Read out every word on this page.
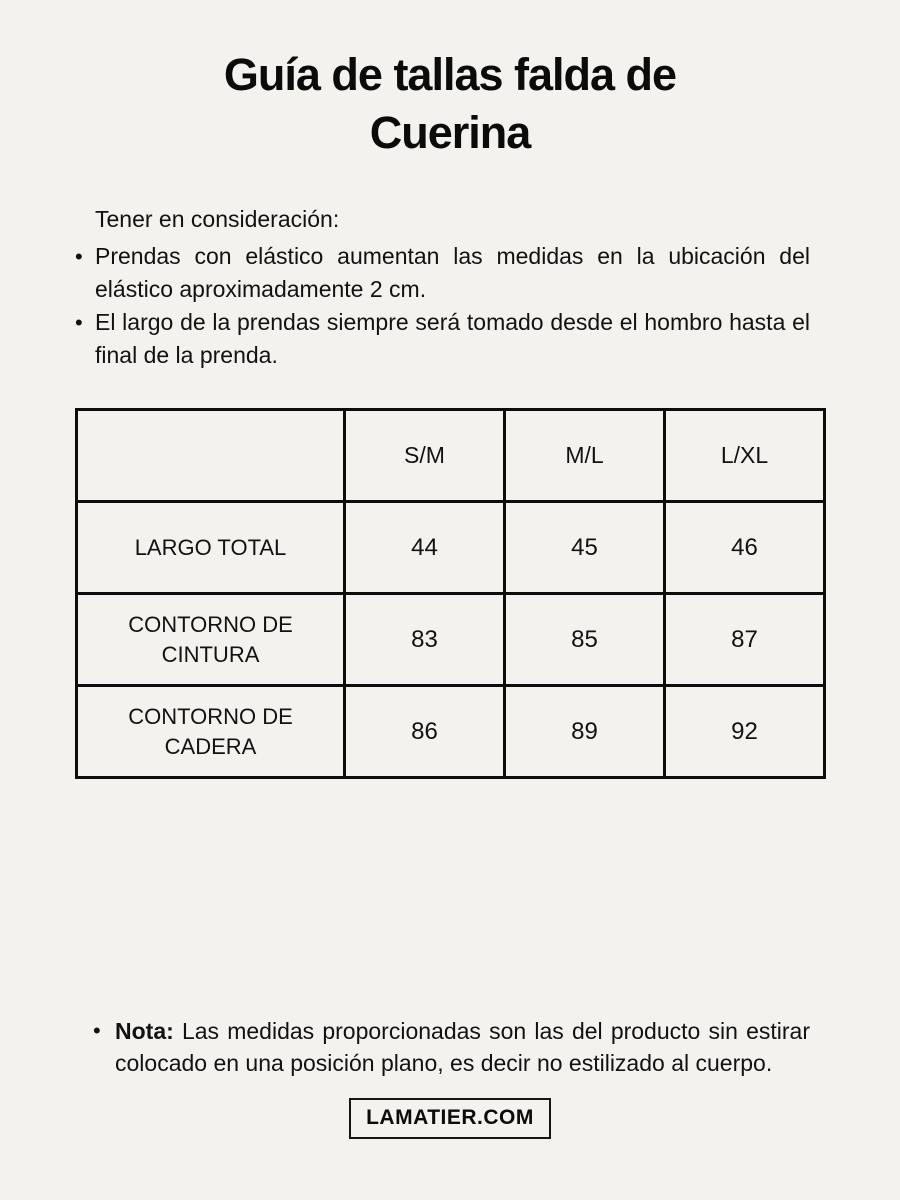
Guía de tallas falda de
Cuerina

Tener en consideración:

• Prendas con elástico aumentan las medidas en la ubicación del elástico aproximadamente 2 cm.
• El largo de la prendas siempre será tomado desde el hombro hasta el final de la prenda.
	S/M	M/L	L/XL
LARGO TOTAL	44	45	46
CONTORNO DE CINTURA	83	85	87
CONTORNO DE CADERA	86	89	92
• Nota: Las medidas proporcionadas son las del producto sin estirar colocado en una posición plano, es decir no estilizado al cuerpo.
LAMATIER.COM
